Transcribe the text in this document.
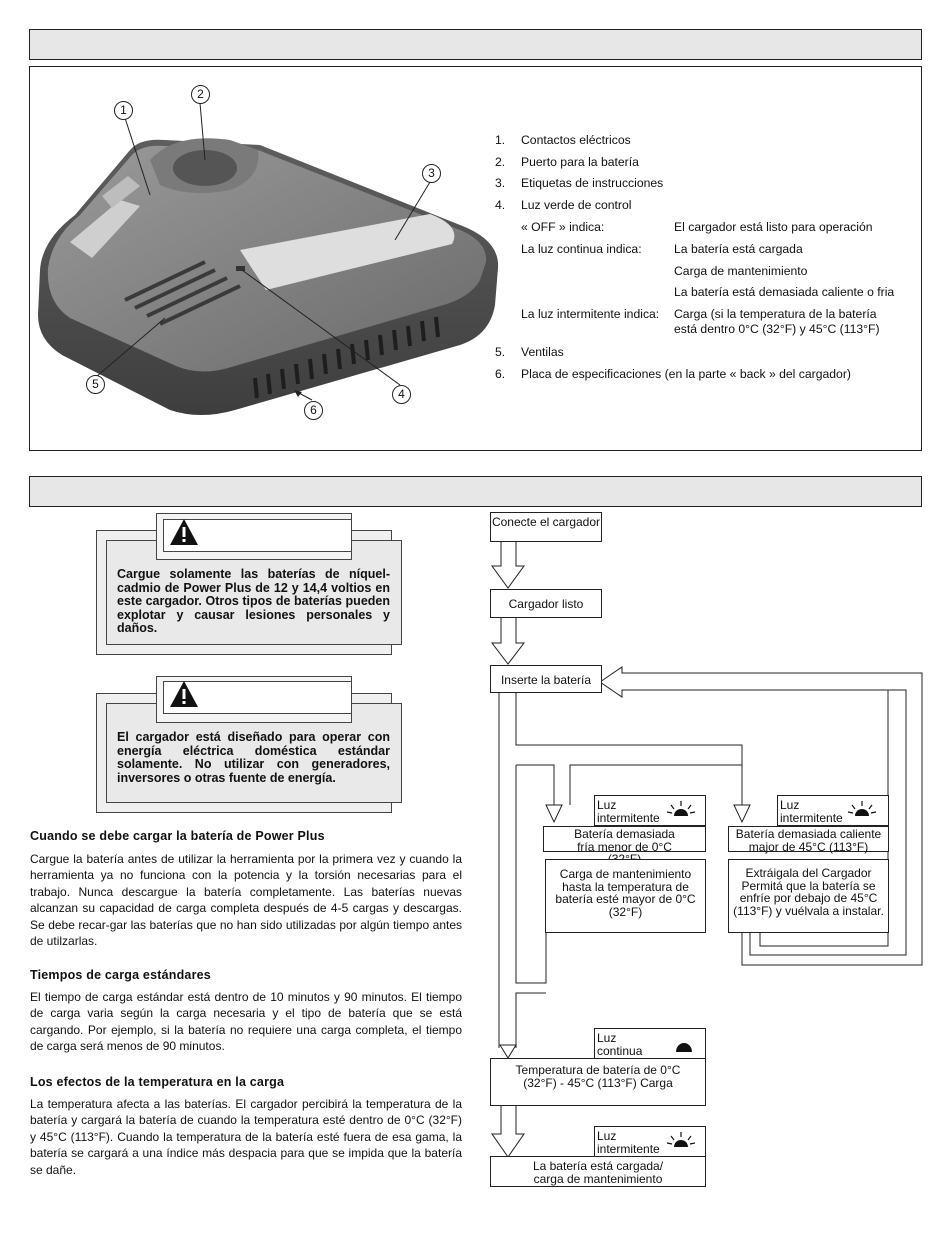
1
2
3
4
5
6
1. Contactos eléctricos
2. Puerto para la batería
3. Etiquetas de instrucciones
4. Luz verde de control
« OFF » indica:	El cargador está listo para operación
La luz continua indica:	La batería está cargada
Carga de mantenimiento
La batería está demasiada caliente o fria
La luz intermitente indica: Carga (si la temperatura de la batería
está dentro 0°C (32°F) y 45°C (113°F)
5. Ventilas
6. Placa de especificaciones (en la parte « back » del cargador)
Cargue solamente las baterías de níquel-cadmio de Power Plus de 12 y 14,4 voltios en este cargador. Otros tipos de baterías pueden explotar y causar lesiones personales y daños.
El cargador está diseñado para operar con energía eléctrica doméstica estándar solamente. No utilizar con generadores, inversores o otras fuente de energía.
Cuando se debe cargar la batería de Power Plus
Cargue la batería antes de utilizar la herramienta por la primera vez y cuando la herramienta ya no funciona con la potencia y la torsión necesarias para el trabajo. Nunca descargue la batería completamente. Las baterías nuevas alcanzan su capacidad de carga completa después de 4-5 cargas y descargas. Se debe recar-gar las baterías que no han sido utilizadas por algún tiempo antes de utilzarlas.
Tiempos de carga estándares
El tiempo de carga estándar está dentro de 10 minutos y 90 minutos. El tiempo de carga varia según la carga necesaria y el tipo de batería que se está cargando. Por ejemplo, si la batería no requiere una carga completa, el tiempo de carga será menos de 90 minutos.
Los efectos de la temperatura en la carga
La temperatura afecta a las baterías. El cargador percibirá la temperatura de la batería y cargará la batería de cuando la temperatura esté dentro de 0°C (32°F) y 45°C (113°F). Cuando la temperatura de la batería esté fuera de esa gama, la batería se cargará a una índice más despacia para que se impida que la batería se dañe.
Conecte el cargador
Cargador listo
Inserte la batería
Luz
intermitente
Batería demasiada fría menor de 0°C
Luz
intermitente
Batería demasiada caliente major de 45°C (113°F)
Carga de mantenimiento hasta la temperatura de batería esté mayor de 0°C (32°F)
Extráigala del Cargador Permitá que la batería se enfríe por debajo de 45°C (113°F) y vuélvala a instalar.
Luz
continua
Temperatura de batería de 0°C (32°F) - 45°C (113°F) Carga
Luz
intermitente
La batería está cargada/
carga de mantenimiento
